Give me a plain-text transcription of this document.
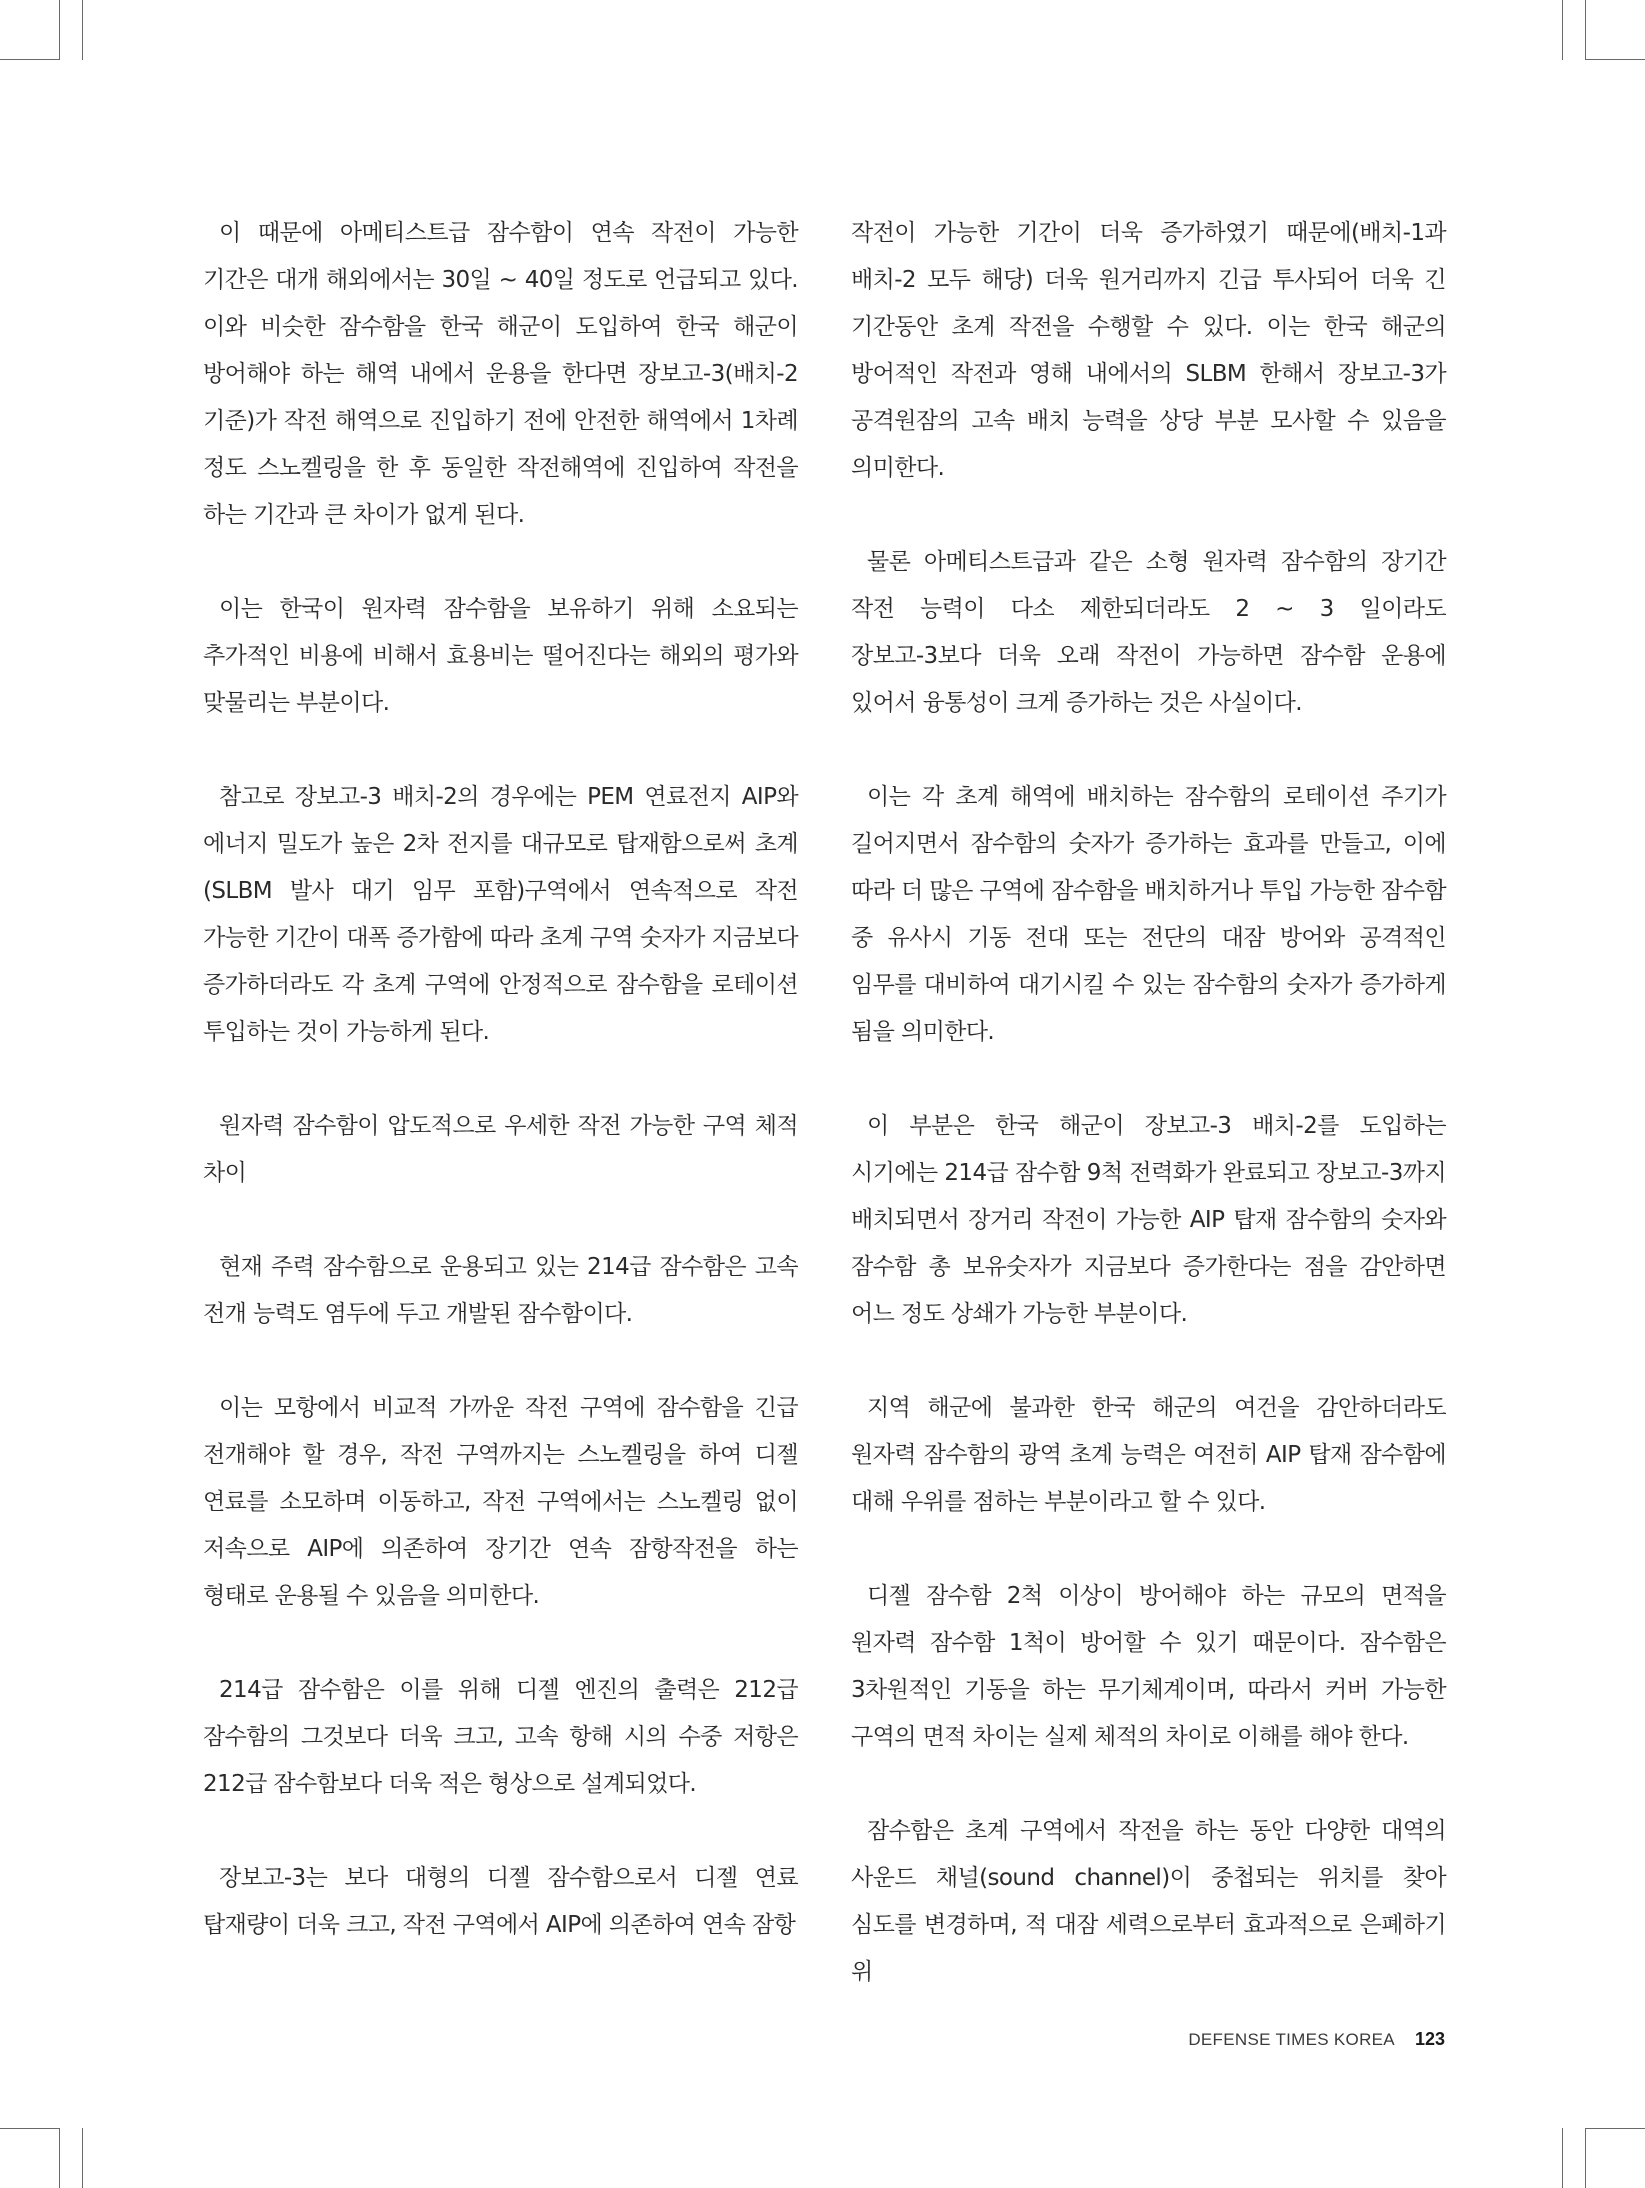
이 때문에 아메티스트급 잠수함이 연속 작전이 가능한 기간은 대개 해외에서는 30일 ~ 40일 정도로 언급되고 있다. 이와 비슷한 잠수함을 한국 해군이 도입하여 한국 해군이 방어해야 하는 해역 내에서 운용을 한다면 장보고-3(배치-2 기준)가 작전 해역으로 진입하기 전에 안전한 해역에서 1차례 정도 스노켈링을 한 후 동일한 작전해역에 진입하여 작전을 하는 기간과 큰 차이가 없게 된다.

이는 한국이 원자력 잠수함을 보유하기 위해 소요되는 추가적인 비용에 비해서 효용비는 떨어진다는 해외의 평가와 맞물리는 부분이다.

참고로 장보고-3 배치-2의 경우에는 PEM 연료전지 AIP와 에너지 밀도가 높은 2차 전지를 대규모로 탑재함으로써 초계(SLBM 발사 대기 임무 포함)구역에서 연속적으로 작전 가능한 기간이 대폭 증가함에 따라 초계 구역 숫자가 지금보다 증가하더라도 각 초계 구역에 안정적으로 잠수함을 로테이션 투입하는 것이 가능하게 된다.

원자력 잠수함이 압도적으로 우세한 작전 가능한 구역 체적 차이

현재 주력 잠수함으로 운용되고 있는 214급 잠수함은 고속 전개 능력도 염두에 두고 개발된 잠수함이다.

이는 모항에서 비교적 가까운 작전 구역에 잠수함을 긴급 전개해야 할 경우, 작전 구역까지는 스노켈링을 하여 디젤 연료를 소모하며 이동하고, 작전 구역에서는 스노켈링 없이 저속으로 AIP에 의존하여 장기간 연속 잠항작전을 하는 형태로 운용될 수 있음을 의미한다.

214급 잠수함은 이를 위해 디젤 엔진의 출력은 212급 잠수함의 그것보다 더욱 크고, 고속 항해 시의 수중 저항은 212급 잠수함보다 더욱 적은 형상으로 설계되었다.

장보고-3는 보다 대형의 디젤 잠수함으로서 디젤 연료 탑재량이 더욱 크고, 작전 구역에서 AIP에 의존하여 연속 잠항

작전이 가능한 기간이 더욱 증가하였기 때문에(배치-1과 배치-2 모두 해당) 더욱 원거리까지 긴급 투사되어 더욱 긴 기간동안 초계 작전을 수행할 수 있다. 이는 한국 해군의 방어적인 작전과 영해 내에서의 SLBM 한해서 장보고-3가 공격원잠의 고속 배치 능력을 상당 부분 모사할 수 있음을 의미한다.

물론 아메티스트급과 같은 소형 원자력 잠수함의 장기간 작전 능력이 다소 제한되더라도 2 ~ 3 일이라도 장보고-3보다 더욱 오래 작전이 가능하면 잠수함 운용에 있어서 융통성이 크게 증가하는 것은 사실이다.

이는 각 초계 해역에 배치하는 잠수함의 로테이션 주기가 길어지면서 잠수함의 숫자가 증가하는 효과를 만들고, 이에 따라 더 많은 구역에 잠수함을 배치하거나 투입 가능한 잠수함 중 유사시 기동 전대 또는 전단의 대잠 방어와 공격적인 임무를 대비하여 대기시킬 수 있는 잠수함의 숫자가 증가하게 됨을 의미한다.

이 부분은 한국 해군이 장보고-3 배치-2를 도입하는 시기에는 214급 잠수함 9척 전력화가 완료되고 장보고-3까지 배치되면서 장거리 작전이 가능한 AIP 탑재 잠수함의 숫자와 잠수함 총 보유숫자가 지금보다 증가한다는 점을 감안하면 어느 정도 상쇄가 가능한 부분이다.

지역 해군에 불과한 한국 해군의 여건을 감안하더라도 원자력 잠수함의 광역 초계 능력은 여전히 AIP 탑재 잠수함에 대해 우위를 점하는 부분이라고 할 수 있다.

디젤 잠수함 2척 이상이 방어해야 하는 규모의 면적을 원자력 잠수함 1척이 방어할 수 있기 때문이다. 잠수함은 3차원적인 기동을 하는 무기체계이며, 따라서 커버 가능한 구역의 면적 차이는 실제 체적의 차이로 이해를 해야 한다.

잠수함은 초계 구역에서 작전을 하는 동안 다양한 대역의 사운드 채널(sound channel)이 중첩되는 위치를 찾아 심도를 변경하며, 적 대잠 세력으로부터 효과적으로 은폐하기 위

DEFENSE TIMES KOREA 123
